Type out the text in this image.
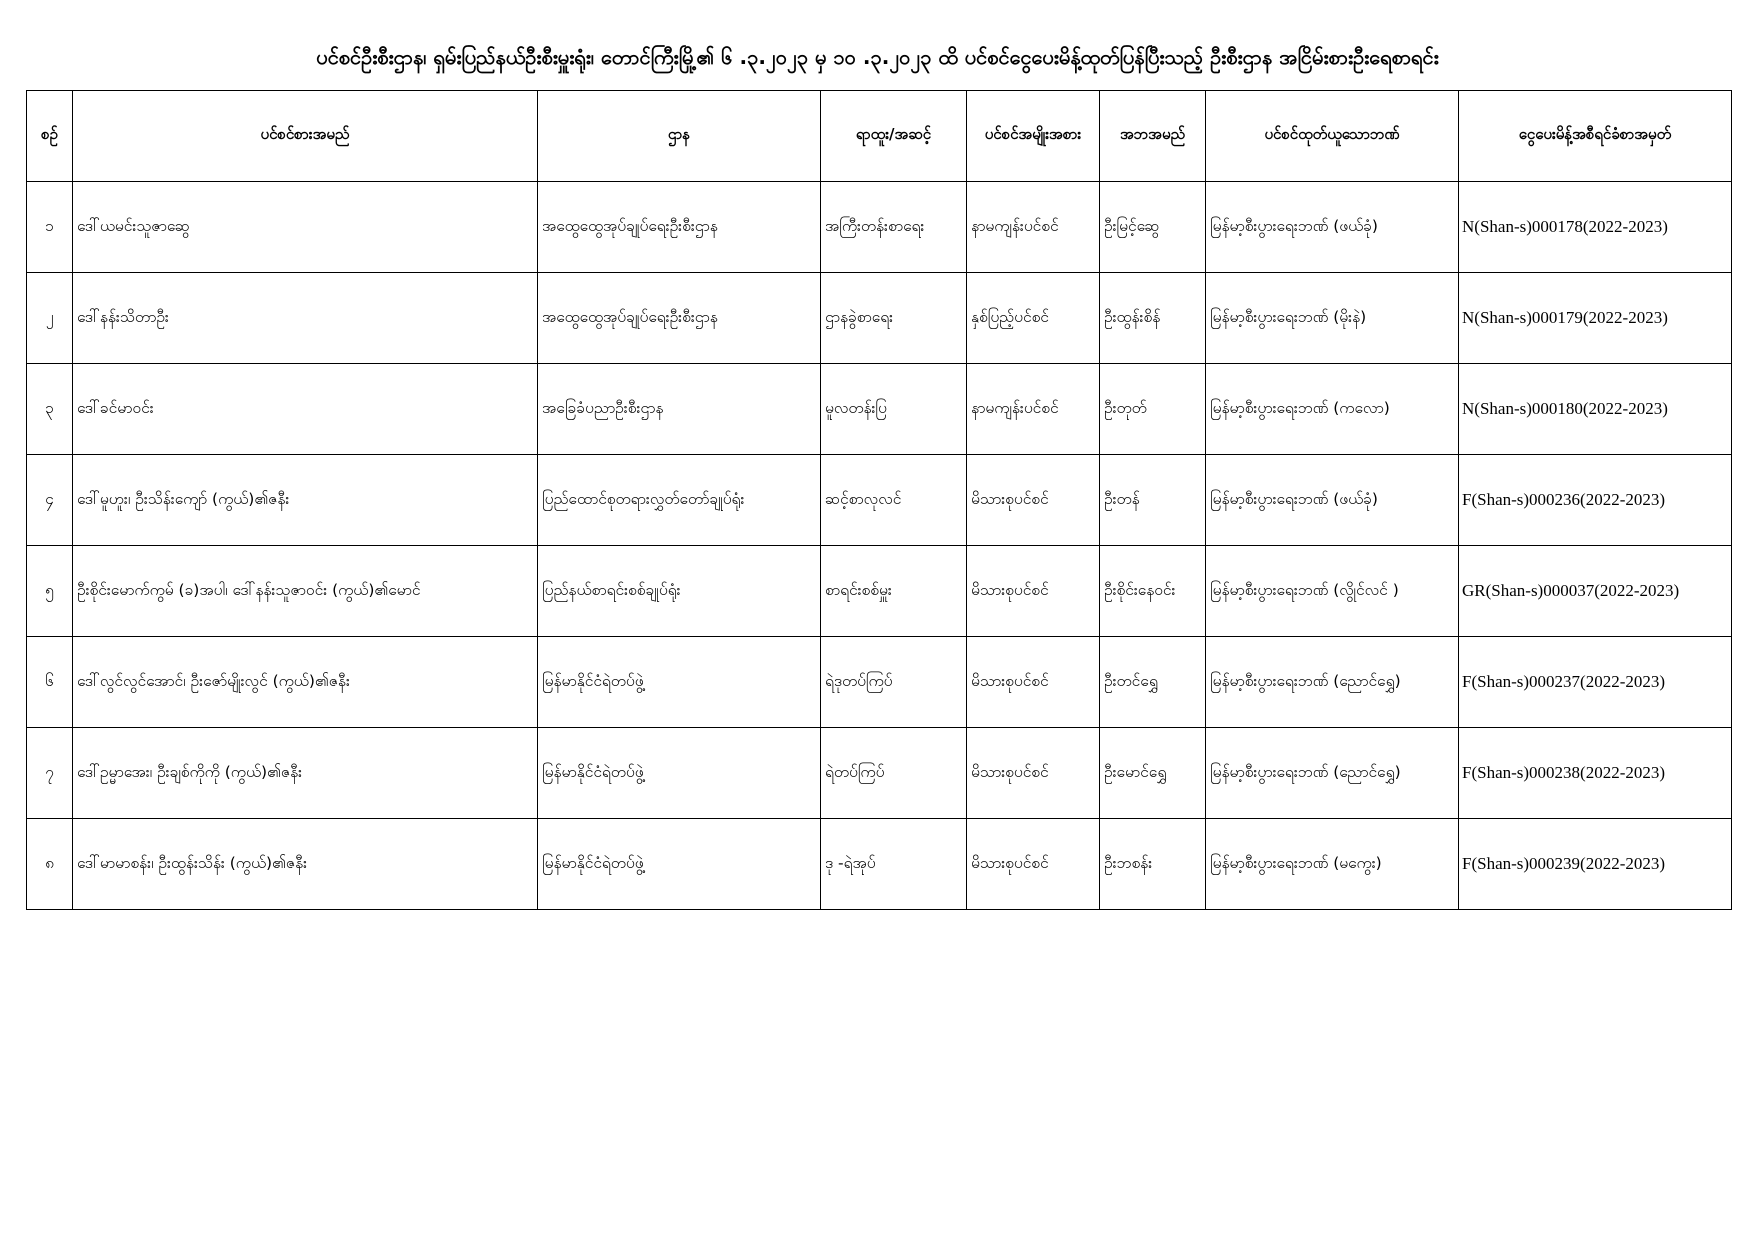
ပင်စင်ဦးစီးဌာန၊ ရှမ်းပြည်နယ်ဦးစီးမှူးရုံး၊ တောင်ကြီးမြို့၏ ၆ .၃.၂၀၂၃ မှ ၁၀ .၃.၂၀၂၃ ထိ ပင်စင်ငွေပေးမိန့်ထုတ်ပြန်ပြီးသည့် ဦးစီးဌာန အငြိမ်းစားဦးရေစာရင်း
စဉ်	ပင်စင်စားအမည်	ဌာန	ရာထူး/အဆင့်	ပင်စင်အမျိုးအစား	အဘအမည်	ပင်စင်ထုတ်ယူသောဘဏ်	ငွေပေးမိန့်အစီရင်ခံစာအမှတ်
၁	ဒေါ်ယမင်းသူဇာဆွေ	အထွေထွေအုပ်ချုပ်ရေးဦးစီးဌာန	အကြီးတန်းစာရေး	နာမကျန်းပင်စင်	ဦးမြင့်ဆွေ	မြန်မာ့စီးပွားရေးဘဏ် (ဖယ်ခုံ)	N(Shan-s)000178(2022-2023)
၂	ဒေါ်နန်းသိတာဦး	အထွေထွေအုပ်ချုပ်ရေးဦးစီးဌာန	ဌာနခွဲစာရေး	နှစ်ပြည့်ပင်စင်	ဦးထွန်းစိန်	မြန်မာ့စီးပွားရေးဘဏ် (မိုးနဲ)	N(Shan-s)000179(2022-2023)
၃	ဒေါ်ခင်မာဝင်း	အခြေခံပညာဦးစီးဌာန	မူလတန်းပြ	နာမကျန်းပင်စင်	ဦးတုတ်	မြန်မာ့စီးပွားရေးဘဏ် (ကလော)	N(Shan-s)000180(2022-2023)
၄	ဒေါ်မူဟူး၊ ဦးသိန်းကျော် (ကွယ်)၏ဇနီး	ပြည်ထောင်စုတရားလွှတ်တော်ချုပ်ရုံး	ဆင့်စာလုလင်	မိသားစုပင်စင်	ဦးတန်	မြန်မာ့စီးပွားရေးဘဏ် (ဖယ်ခုံ)	F(Shan-s)000236(2022-2023)
၅	ဦးစိုင်းမောက်ကွမ် (ခ)အပါ၊ ဒေါ်နန်းသူဇာဝင်း (ကွယ်)၏မောင်	ပြည်နယ်စာရင်းစစ်ချုပ်ရုံး	စာရင်းစစ်မှူး	မိသားစုပင်စင်	ဦးစိုင်းနေဝင်း	မြန်မာ့စီးပွားရေးဘဏ် (လွိုင်လင် )	GR(Shan-s)000037(2022-2023)
၆	ဒေါ်လွင်လွင်အောင်၊ ဦးဇော်မျိုးလွင် (ကွယ်)၏ဇနီး	မြန်မာနိုင်ငံရဲတပ်ဖွဲ့	ရဲဒုတပ်ကြပ်	မိသားစုပင်စင်	ဦးတင်ရွှေ	မြန်မာ့စီးပွားရေးဘဏ် (ညောင်ရွှေ)	F(Shan-s)000237(2022-2023)
၇	ဒေါ်ဥမ္မာအေး၊ ဦးချစ်ကိုကို (ကွယ်)၏ဇနီး	မြန်မာနိုင်ငံရဲတပ်ဖွဲ့	ရဲတပ်ကြပ်	မိသားစုပင်စင်	ဦးမောင်ရွှေ	မြန်မာ့စီးပွားရေးဘဏ် (ညောင်ရွှေ)	F(Shan-s)000238(2022-2023)
၈	ဒေါ်မာမာစန်း၊ ဦးထွန်းသိန်း (ကွယ်)၏ဇနီး	မြန်မာနိုင်ငံရဲတပ်ဖွဲ့	ဒု -ရဲအုပ်	မိသားစုပင်စင်	ဦးဘစန်း	မြန်မာ့စီးပွားရေးဘဏ် (မကွေး)	F(Shan-s)000239(2022-2023)
